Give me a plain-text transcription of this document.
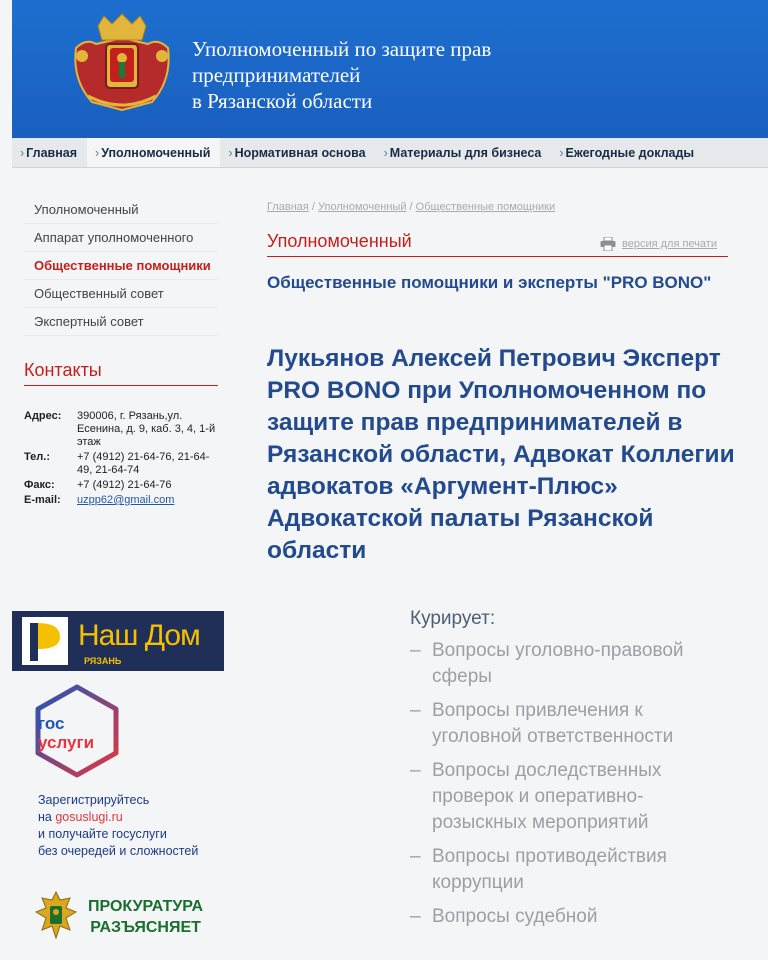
Уполномоченный по защите прав
предпринимателей
в Рязанской области
› Главная	› Уполномоченный	› Нормативная основа	› Материалы для бизнеса	› Ежегодные доклады
Уполномоченный
Аппарат уполномоченного
Общественные помощники
Общественный совет
Экспертный совет
Контакты
Адрес:	390006, г. Рязань,ул. Есенина, д. 9, каб. 3, 4, 1-й этаж
Тел.:	+7 (4912) 21-64-76, 21-64-49, 21-64-74
Факс:	+7 (4912) 21-64-76
E-mail:	uzpp62@gmail.com
Наш Дом
РЯЗАНЬ
гос
услуги
Зарегистрируйтесь
на gosuslugi.ru
и получайте госуслуги
без очередей и сложностей
ПРОКУРАТУРА
РАЗЪЯСНЯЕТ
Главная / Уполномоченный / Общественные помощники
Уполномоченный	версия для печати
Общественные помощники и эксперты "PRO BONO"
Лукьянов Алексей Петрович Эксперт PRO BONO при Уполномоченном по защите прав предпринимателей в Рязанской области, Адвокат Коллегии адвокатов «Аргумент-Плюс» Адвокатской палаты Рязанской области
Курирует:
– Вопросы уголовно-правовой сферы
– Вопросы привлечения к уголовной ответственности
– Вопросы доследственных проверок и оперативно-розыскных мероприятий
– Вопросы противодействия коррупции
– Вопросы судебной
